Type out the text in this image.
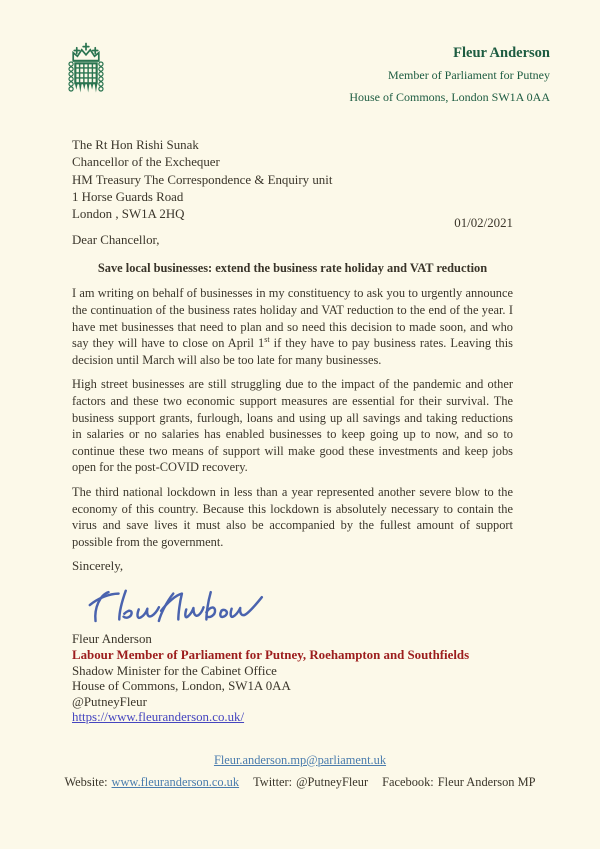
Fleur Anderson
Member of Parliament for Putney
House of Commons, London SW1A 0AA
The Rt Hon Rishi Sunak
Chancellor of the Exchequer
HM Treasury The Correspondence & Enquiry unit
1 Horse Guards Road
London , SW1A 2HQ
01/02/2021
Dear Chancellor,
Save local businesses: extend the business rate holiday and VAT reduction

I am writing on behalf of businesses in my constituency to ask you to urgently announce the continuation of the business rates holiday and VAT reduction to the end of the year. I have met businesses that need to plan and so need this decision to made soon, and who say they will have to close on April 1st if they have to pay business rates. Leaving this decision until March will also be too late for many businesses.

High street businesses are still struggling due to the impact of the pandemic and other factors and these two economic support measures are essential for their survival. The business support grants, furlough, loans and using up all savings and taking reductions in salaries or no salaries has enabled businesses to keep going up to now, and so to continue these two means of support will make good these investments and keep jobs open for the post-COVID recovery.

The third national lockdown in less than a year represented another severe blow to the economy of this country. Because this lockdown is absolutely necessary to contain the virus and save lives it must also be accompanied by the fullest amount of support possible from the government.

Sincerely,
Fleur Anderson
Labour Member of Parliament for Putney, Roehampton and Southfields
Shadow Minister for the Cabinet Office
House of Commons, London, SW1A 0AA
@PutneyFleur
https://www.fleuranderson.co.uk/
Fleur.anderson.mp@parliament.uk
Website: www.fleuranderson.co.uk Twitter: @PutneyFleur Facebook: Fleur Anderson MP
